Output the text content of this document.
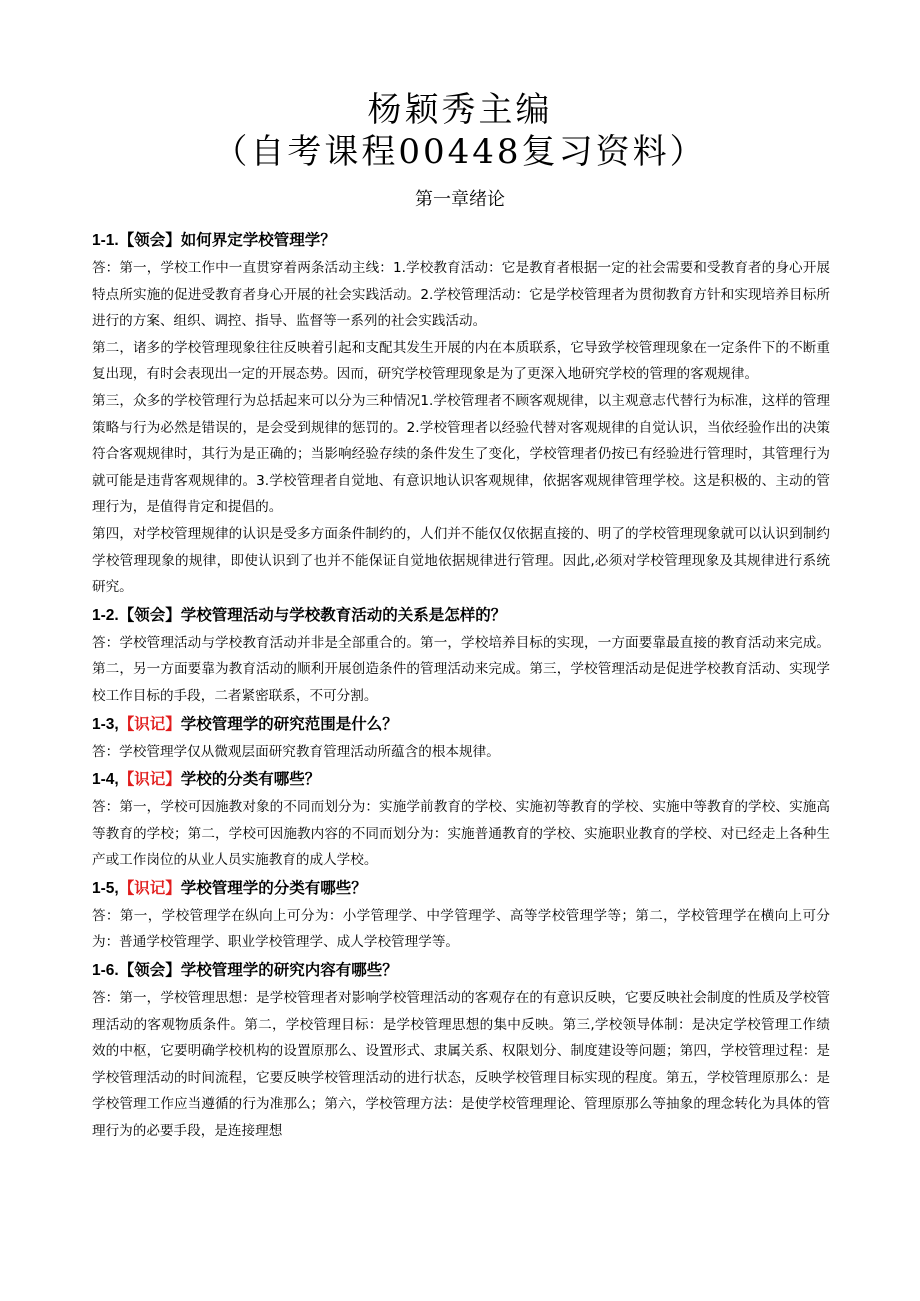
杨颖秀主编
（自考课程00448复习资料）
第一章绪论

1-1.【领会】如何界定学校管理学？

答：第一，学校工作中一直贯穿着两条活动主线：1.学校教育活动：它是教育者根据一定的社会需要和受教育者的身心开展特点所实施的促进受教育者身心开展的社会实践活动。2.学校管理活动：它是学校管理者为贯彻教育方针和实现培养目标所进行的方案、组织、调控、指导、监督等一系列的社会实践活动。

第二，诸多的学校管理现象往往反映着引起和支配其发生开展的内在本质联系，它导致学校管理现象在一定条件下的不断重复出现，有时会表现出一定的开展态势。因而，研究学校管理现象是为了更深入地研究学校的管理的客观规律。

第三，众多的学校管理行为总括起来可以分为三种情况1.学校管理者不顾客观规律，以主观意志代替行为标准，这样的管理策略与行为必然是错误的，是会受到规律的惩罚的。2.学校管理者以经验代替对客观规律的自觉认识，当依经验作出的决策符合客观规律时，其行为是正确的；当影响经验存续的条件发生了变化，学校管理者仍按已有经验进行管理时，其管理行为就可能是违背客观规律的。3.学校管理者自觉地、有意识地认识客观规律，依据客观规律管理学校。这是积极的、主动的管理行为，是值得肯定和提倡的。

第四，对学校管理规律的认识是受多方面条件制约的，人们并不能仅仅依据直接的、明了的学校管理现象就可以认识到制约学校管理现象的规律，即使认识到了也并不能保证自觉地依据规律进行管理。因此,必须对学校管理现象及其规律进行系统研究。

1-2.【领会】学校管理活动与学校教育活动的关系是怎样的？

答：学校管理活动与学校教育活动并非是全部重合的。第一，学校培养目标的实现，一方面要靠最直接的教育活动来完成。第二，另一方面要靠为教育活动的顺利开展创造条件的管理活动来完成。第三，学校管理活动是促进学校教育活动、实现学校工作目标的手段，二者紧密联系，不可分割。

1-3,【识记】学校管理学的研究范围是什么？

答：学校管理学仅从微观层面研究教育管理活动所蕴含的根本规律。

1-4,【识记】学校的分类有哪些？

答：第一，学校可因施教对象的不同而划分为：实施学前教育的学校、实施初等教育的学校、实施中等教育的学校、实施高等教育的学校；第二，学校可因施教内容的不同而划分为：实施普通教育的学校、实施职业教育的学校、对已经走上各种生产或工作岗位的从业人员实施教育的成人学校。

1-5,【识记】学校管理学的分类有哪些？

答：第一，学校管理学在纵向上可分为：小学管理学、中学管理学、高等学校管理学等；第二，学校管理学在横向上可分为：普通学校管理学、职业学校管理学、成人学校管理学等。

1-6.【领会】学校管理学的研究内容有哪些？

答：第一，学校管理思想：是学校管理者对影响学校管理活动的客观存在的有意识反映，它要反映社会制度的性质及学校管理活动的客观物质条件。第二，学校管理目标：是学校管理思想的集中反映。第三,学校领导体制：是决定学校管理工作绩效的中枢，它要明确学校机构的设置原那么、设置形式、隶属关系、权限划分、制度建设等问题；第四，学校管理过程：是学校管理活动的时间流程，它要反映学校管理活动的进行状态，反映学校管理目标实现的程度。第五，学校管理原那么：是学校管理工作应当遵循的行为准那么；第六，学校管理方法：是使学校管理理论、管理原那么等抽象的理念转化为具体的管理行为的必要手段，是连接理想
